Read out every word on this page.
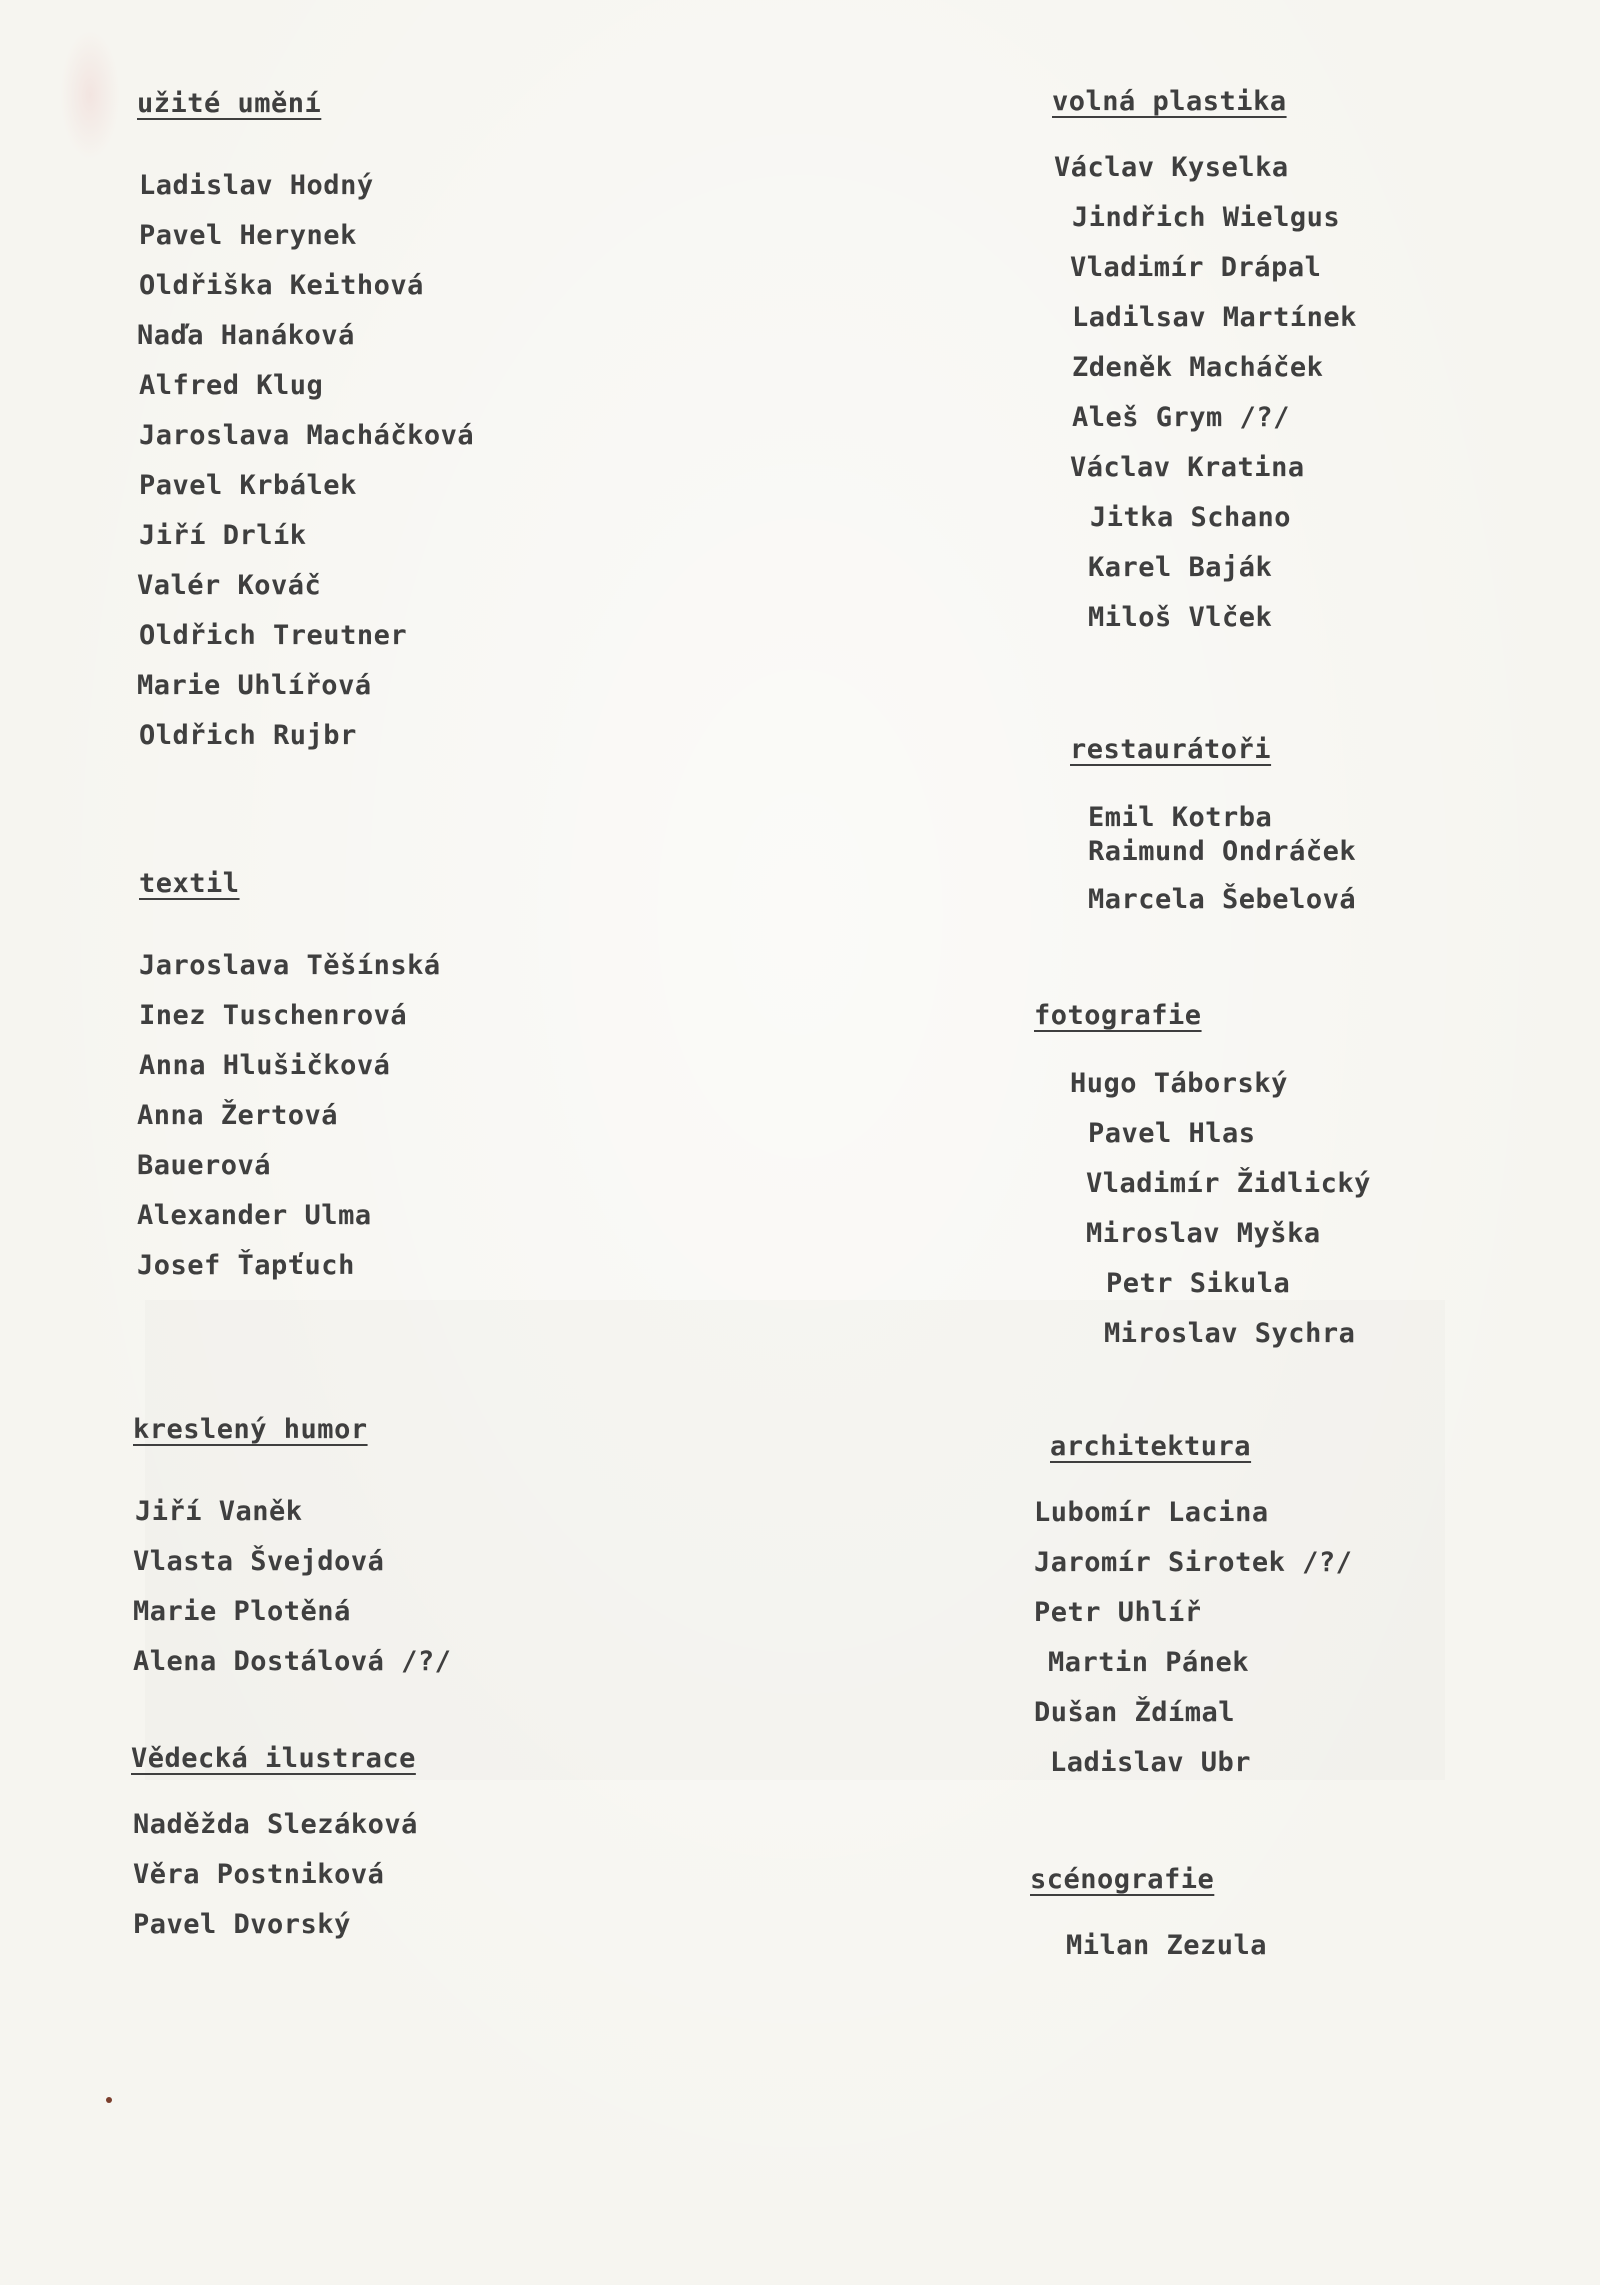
užité umění
Ladislav Hodný
Pavel Herynek
Oldřiška Keithová
Naďa Hanáková
Alfred Klug
Jaroslava Macháčková
Pavel Krbálek
Jiří Drlík
Valér Kováč
Oldřich Treutner
Marie Uhlířová
Oldřich Rujbr
textil
Jaroslava Těšínská
Inez Tuschenrová
Anna Hlušičková
Anna Žertová
Bauerová
Alexander Ulma
Josef Ťapťuch
kreslený humor
Jiří Vaněk
Vlasta Švejdová
Marie Plotěná
Alena Dostálová /?/
Vědecká ilustrace
Naděžda Slezáková
Věra Postniková
Pavel Dvorský
volná plastika
Václav Kyselka
Jindřich Wielgus
Vladimír Drápal
Ladilsav Martínek
Zdeněk Macháček
Aleš Grym /?/
Václav Kratina
Jitka Schano
Karel Baják
Miloš Vlček
restaurátoři
Emil Kotrba
Raimund Ondráček
Marcela Šebelová
fotografie
Hugo Táborský
Pavel Hlas
Vladimír Židlický
Miroslav Myška
Petr Sikula
Miroslav Sychra
architektura
Lubomír Lacina
Jaromír Sirotek /?/
Petr Uhlíř
Martin Pánek
Dušan Ždímal
Ladislav Ubr
scénografie
Milan Zezula
